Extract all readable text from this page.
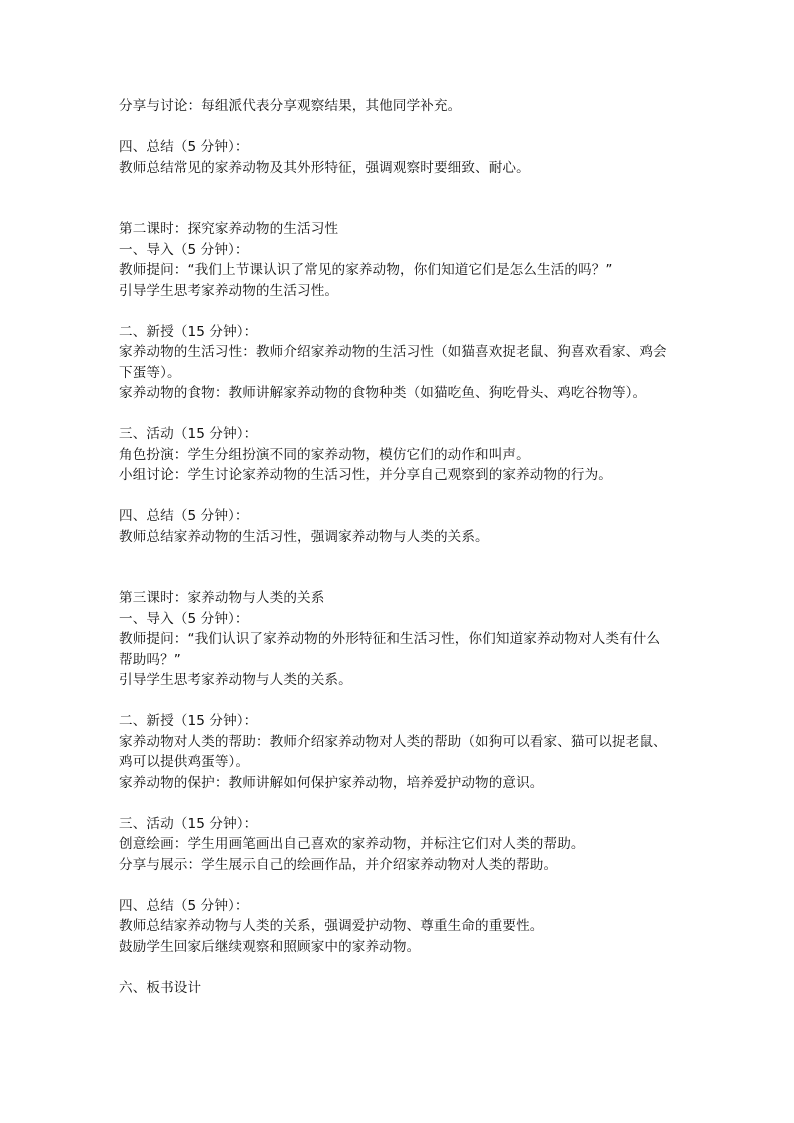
分享与讨论：每组派代表分享观察结果，其他同学补充。
四、总结（5 分钟）：
教师总结常见的家养动物及其外形特征，强调观察时要细致、耐心。
第二课时：探究家养动物的生活习性
一、导入（5 分钟）：
教师提问：“我们上节课认识了常见的家养动物，你们知道它们是怎么生活的吗？”
引导学生思考家养动物的生活习性。
二、新授（15 分钟）：
家养动物的生活习性：教师介绍家养动物的生活习性（如猫喜欢捉老鼠、狗喜欢看家、鸡会
下蛋等）。
家养动物的食物：教师讲解家养动物的食物种类（如猫吃鱼、狗吃骨头、鸡吃谷物等）。
三、活动（15 分钟）：
角色扮演：学生分组扮演不同的家养动物，模仿它们的动作和叫声。
小组讨论：学生讨论家养动物的生活习性，并分享自己观察到的家养动物的行为。
四、总结（5 分钟）：
教师总结家养动物的生活习性，强调家养动物与人类的关系。
第三课时：家养动物与人类的关系
一、导入（5 分钟）：
教师提问：“我们认识了家养动物的外形特征和生活习性，你们知道家养动物对人类有什么
帮助吗？”
引导学生思考家养动物与人类的关系。
二、新授（15 分钟）：
家养动物对人类的帮助：教师介绍家养动物对人类的帮助（如狗可以看家、猫可以捉老鼠、
鸡可以提供鸡蛋等）。
家养动物的保护：教师讲解如何保护家养动物，培养爱护动物的意识。
三、活动（15 分钟）：
创意绘画：学生用画笔画出自己喜欢的家养动物，并标注它们对人类的帮助。
分享与展示：学生展示自己的绘画作品，并介绍家养动物对人类的帮助。
四、总结（5 分钟）：
教师总结家养动物与人类的关系，强调爱护动物、尊重生命的重要性。
鼓励学生回家后继续观察和照顾家中的家养动物。
六、板书设计
